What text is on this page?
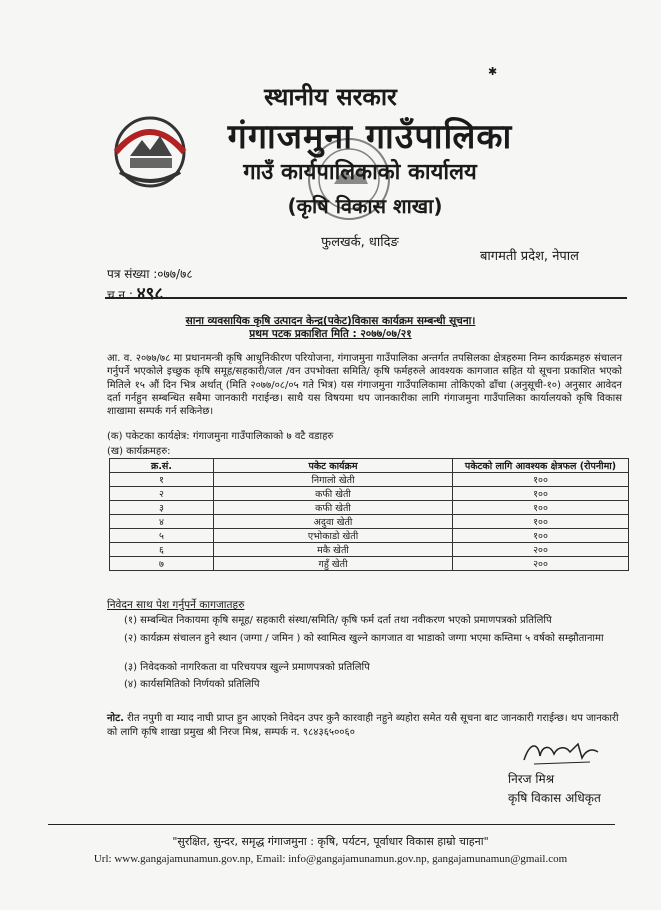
✱
स्थानीय सरकार
गंगाजमुना गाउँपालिका
गाउँ कार्यपालिकाको कार्यालय
(कृषि विकास शाखा)
फुलखर्क, धादिङ
बागमती प्रदेश, नेपाल
पत्र संख्या :०७७/७८
च.न.: ४९८
साना व्यवसायिक कृषि उत्पादन केन्द्र(पकेट)विकास कार्यक्रम सम्बन्धी सूचना।
प्रथम पटक प्रकाशित मिति : २०७७/०७/२१
आ. व. २०७७/७८ मा प्रधानमन्त्री कृषि आधुनिकीरण परियोजना, गंगाजमुना गाउँपालिका अन्तर्गत तपसिलका क्षेत्रहरुमा निम्न कार्यक्रमहरु संचालन गर्नुपर्ने भएकोले इच्छुक कृषि समूह/सहकारी/जल /वन उपभोक्ता समिति/ कृषि फर्महरुले आवश्यक कागजात सहित यो सूचना प्रकाशित भएको मितिले १५ औं दिन भित्र अर्थात् (मिति २०७७/०८/०५ गते भित्र) यस गंगाजमुना गाउँपालिकामा तोकिएको ढाँचा (अनुसूची-१०) अनुसार आवेदन दर्ता गर्नहुन सम्बन्धित सबैमा जानकारी गराईन्छ। साथै यस विषयमा थप जानकारीका लागि गंगाजमुना गाउँपालिका कार्यालयको कृषि विकास शाखामा सम्पर्क गर्न सकिनेछ।
(क) पकेटका कार्यक्षेत्र: गंगाजमुना गाउँपालिकाको ७ वटै वडाहरु
(ख) कार्यक्रमहरु:
क्र.सं.	पकेट कार्यक्रम	पकेटको लागि आवश्यक क्षेत्रफल (रोपनीमा)
१	निगालो खेती	१००
२	कफी खेती	१००
३	कफी खेती	१००
४	अदुवा खेती	१००
५	एभोकाडो खेती	१००
६	मकै खेती	२००
७	गहुँ खेती	२००
निवेदन साथ पेश गर्नुपर्ने कागजातहरु
(१) सम्बन्धित निकायमा कृषि समूह/ सहकारी संस्था/समिति/ कृषि फर्म दर्ता तथा नवीकरण भएको प्रमाणपत्रको प्रतिलिपि
(२) कार्यक्रम संचालन हुने स्थान (जग्गा / जमिन ) को स्वामित्व खुल्ने कागजात वा भाडाको जग्गा भएमा कम्तिमा ५ वर्षको सम्झौतानामा
(३) निवेदकको नागरिकता वा परिचयपत्र खुल्ने प्रमाणपत्रको प्रतिलिपि
(४) कार्यसमितिको निर्णयको प्रतिलिपि
नोट. रीत नपुगी वा म्याद नाघी प्राप्त हुन आएको निवेदन उपर कुनै कारवाही नहुने ब्यहोरा समेत यसै सूचना बाट जानकारी गराईन्छ। थप जानकारी को लागि कृषि शाखा प्रमुख श्री निरज मिश्र, सम्पर्क न. ९८४३६५००६०
निरज मिश्र
कृषि विकास अधिकृत
"सुरक्षित, सुन्दर, समृद्ध गंगाजमुना : कृषि, पर्यटन, पूर्वाधार विकास हाम्रो चाहना"
Url: www.gangajamunamun.gov.np, Email: info@gangajamunamun.gov.np, gangajamunamun@gmail.com
